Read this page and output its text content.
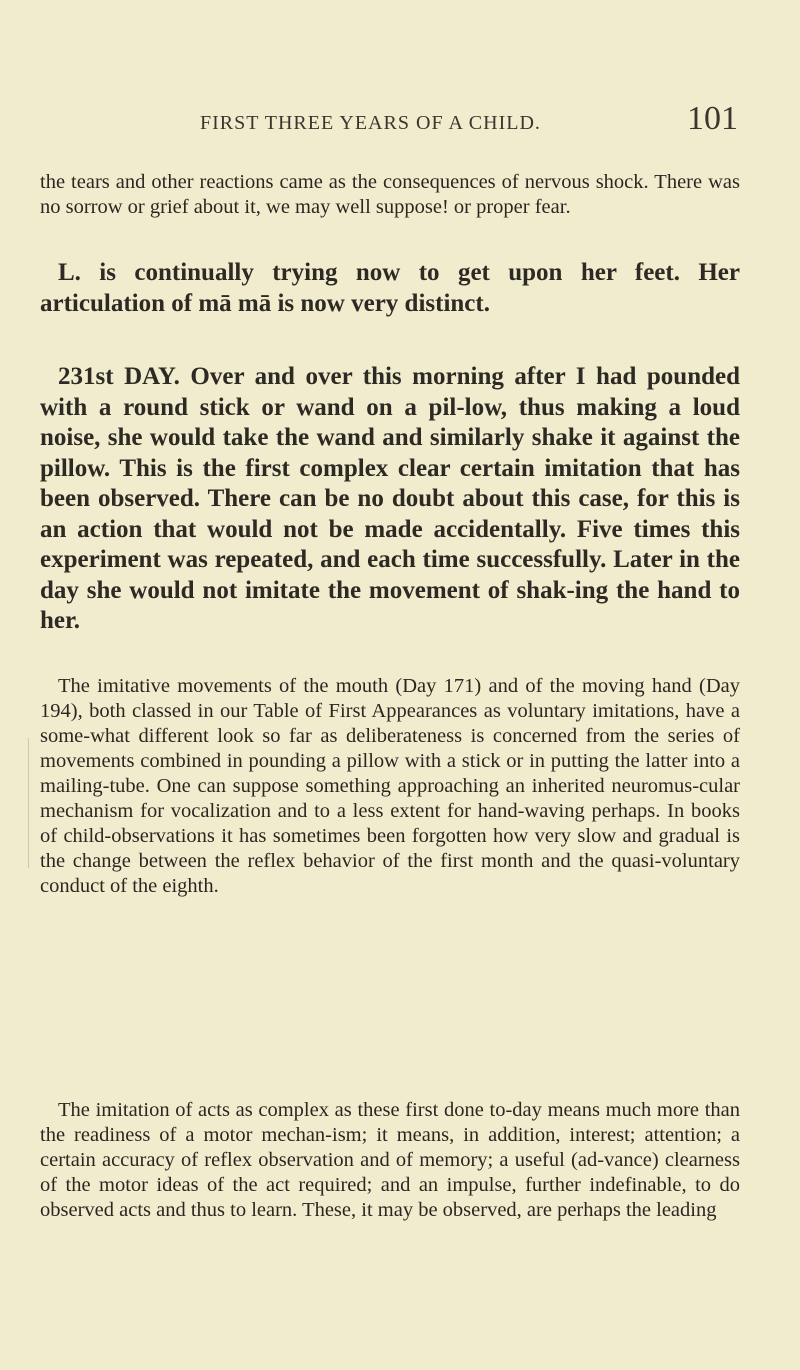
FIRST THREE YEARS OF A CHILD.	101

the tears and other reactions came as the consequences of nervous shock. There was no sorrow or grief about it, we may well suppose! or proper fear.

L. is continually trying now to get upon her feet. Her articulation of mā mā is now very distinct.

231st DAY. Over and over this morning after I had pounded with a round stick or wand on a pil-low, thus making a loud noise, she would take the wand and similarly shake it against the pillow. This is the first complex clear certain imitation that has been observed. There can be no doubt about this case, for this is an action that would not be made accidentally. Five times this experiment was repeated, and each time successfully. Later in the day she would not imitate the movement of shak-ing the hand to her.

The imitative movements of the mouth (Day 171) and of the moving hand (Day 194), both classed in our Table of First Appearances as voluntary imitations, have a some-what different look so far as deliberateness is concerned from the series of movements combined in pounding a pillow with a stick or in putting the latter into a mailing-tube. One can suppose something approaching an inherited neuromus-cular mechanism for vocalization and to a less extent for hand-waving perhaps. In books of child-observations it has sometimes been forgotten how very slow and gradual is the change between the reflex behavior of the first month and the quasi-voluntary conduct of the eighth.

The imitation of acts as complex as these first done to-day means much more than the readiness of a motor mechan-ism; it means, in addition, interest; attention; a certain accuracy of reflex observation and of memory; a useful (ad-vance) clearness of the motor ideas of the act required; and an impulse, further indefinable, to do observed acts and thus to learn. These, it may be observed, are perhaps the leading
